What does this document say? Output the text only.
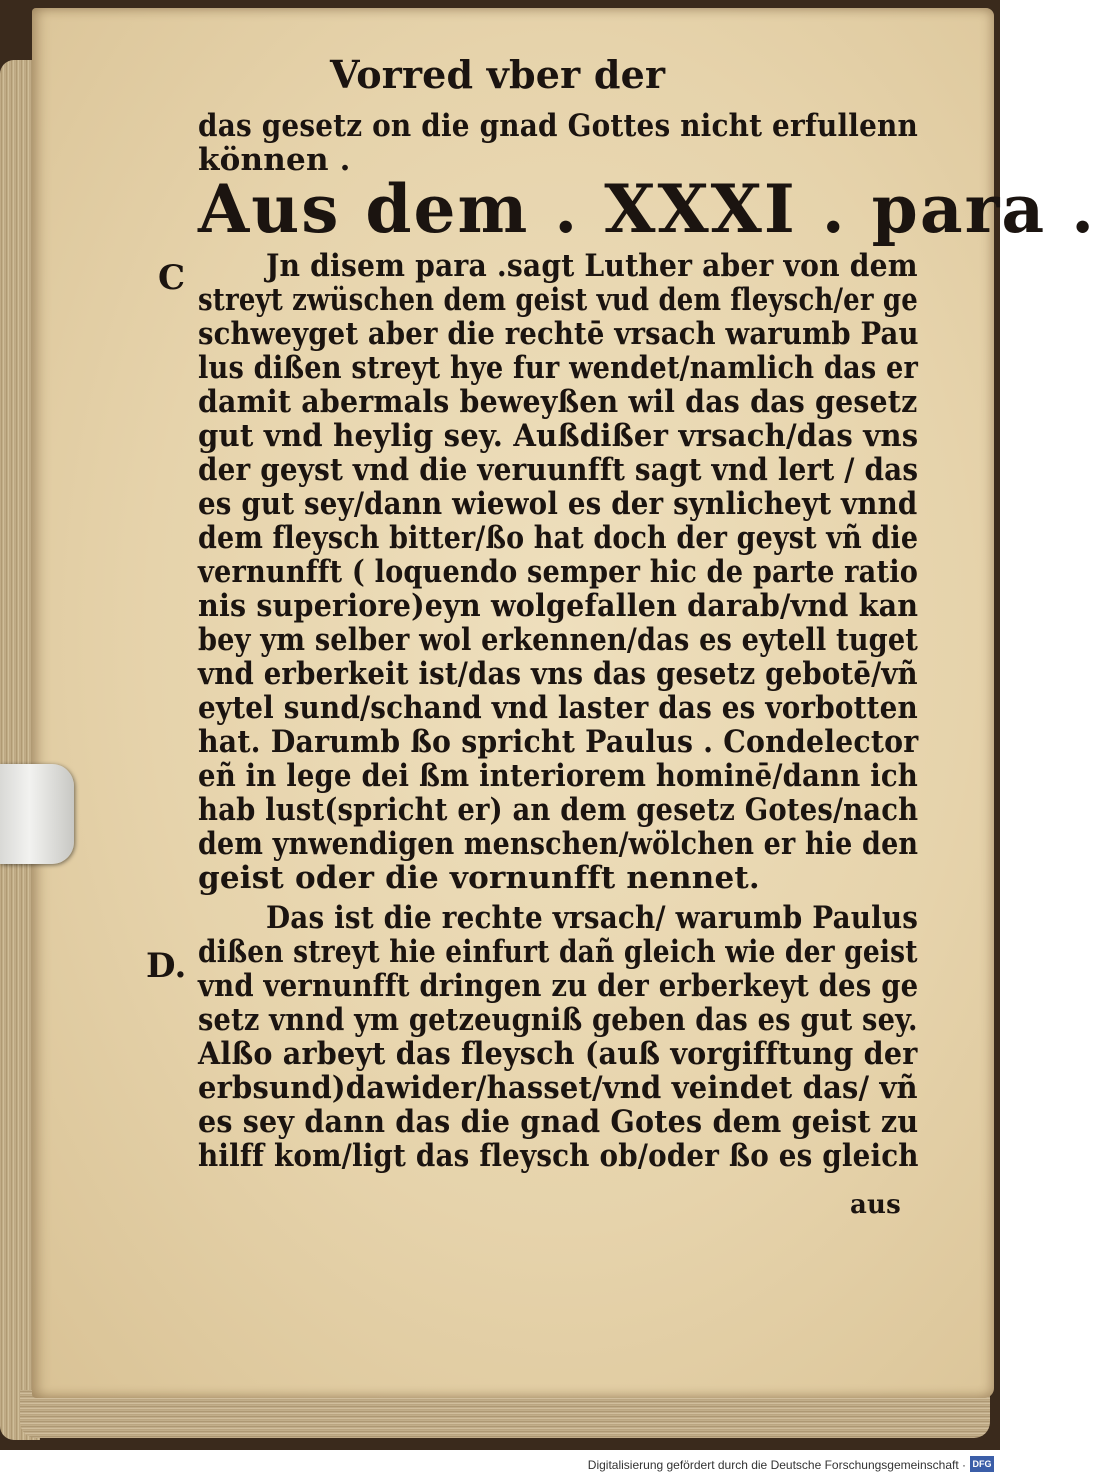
Vorred vber der
das gesetz on die gnad Gottes nicht erfullenn
können .
Aus dem . XXXI . para .
C
D.
Jn disem para .sagt Luther aber von dem
streyt zwüschen dem geist vud dem fleysch/er ge
schweyget aber die rechtē vrsach warumb Pau
lus dißen streyt hye fur wendet/namlich das er
damit abermals beweyßen wil das das gesetz
gut vnd heylig sey. Außdißer vrsach/das vns
der geyst vnd die veruunfft sagt vnd lert / das
es gut sey/dann wiewol es der synlicheyt vnnd
dem fleysch bitter/ßo hat doch der geyst vñ die
vernunfft ( loquendo semper hic de parte ratio
nis superiore)eyn wolgefallen darab/vnd kan
bey ym selber wol erkennen/das es eytell tuget
vnd erberkeit ist/das vns das gesetz gebotē/vñ
eytel sund/schand vnd laster das es vorbotten
hat. Darumb ßo spricht Paulus . Condelector
eñ in lege dei ßm interiorem hominē/dann ich
hab lust(spricht er) an dem gesetz Gotes/nach
dem ynwendigen menschen/wölchen er hie den
geist oder die vornunfft nennet.
Das ist die rechte vrsach/ warumb Paulus
dißen streyt hie einfurt dañ gleich wie der geist
vnd vernunfft dringen zu der erberkeyt des ge
setz vnnd ym getzeugniß geben das es gut sey.
Alßo arbeyt das fleysch (auß vorgifftung der
erbsund)dawider/hasset/vnd veindet das/ vñ
es sey dann das die gnad Gotes dem geist zu
hilff kom/ligt das fleysch ob/oder ßo es gleich
aus
Digitalisierung gefördert durch die Deutsche Forschungsgemeinschaft · DFG
